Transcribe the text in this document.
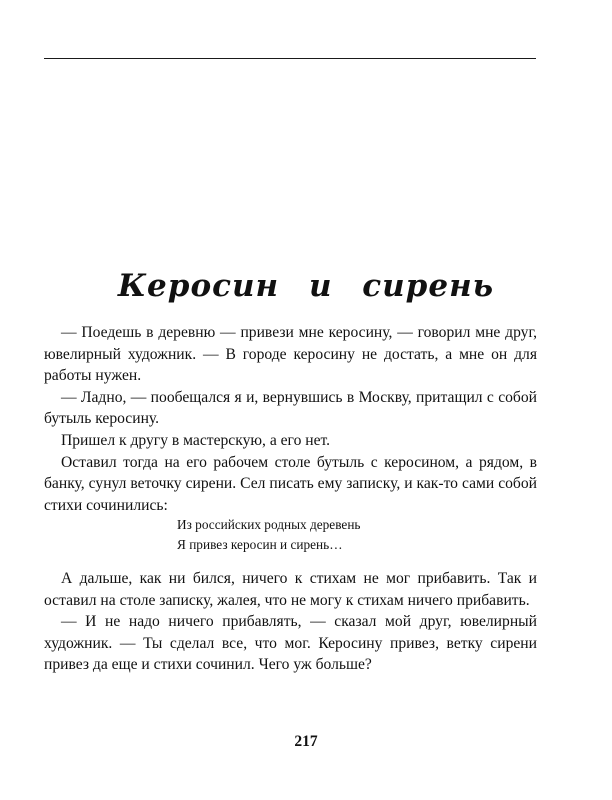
Керосин и сирень

— Поедешь в деревню — привези мне керосину, — говорил мне друг, ювелирный художник. — В городе керосину не достать, а мне он для работы нужен.

— Ладно, — пообещался я и, вернувшись в Москву, притащил с собой бутыль керосину.

Пришел к другу в мастерскую, а его нет.

Оставил тогда на его рабочем столе бутыль с керосином, а рядом, в банку, сунул веточку сирени. Сел писать ему записку, и как-то сами собой стихи сочинились:

Из российских родных деревень
Я привез керосин и сирень…

А дальше, как ни бился, ничего к стихам не мог прибавить. Так и оставил на столе записку, жалея, что не могу к стихам ничего прибавить.

— И не надо ничего прибавлять, — сказал мой друг, ювелирный художник. — Ты сделал все, что мог. Керосину привез, ветку сирени привез да еще и стихи сочинил. Чего уж больше?

217
